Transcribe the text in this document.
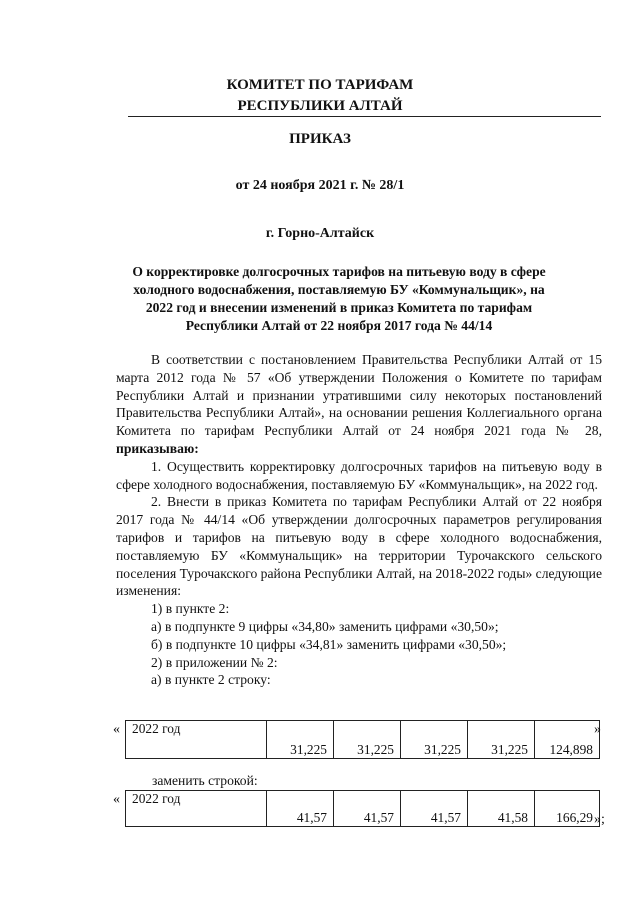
КОМИТЕТ ПО ТАРИФАМ
РЕСПУБЛИКИ АЛТАЙ
ПРИКАЗ
от 24 ноября 2021 г. № 28/1
г. Горно-Алтайск
О корректировке долгосрочных тарифов на питьевую воду в сфере
холодного водоснабжения, поставляемую БУ «Коммунальщик», на
2022 год и внесении изменений в приказ Комитета по тарифам
Республики Алтай от 22 ноября 2017 года № 44/14

В соответствии с постановлением Правительства Республики Алтай от 15 марта 2012 года № 57 «Об утверждении Положения о Комитете по тарифам Республики Алтай и признании утратившими силу некоторых постановлений Правительства Республики Алтай», на основании решения Коллегиального органа Комитета по тарифам Республики Алтай от 24 ноября 2021 года № 28, приказываю:

1. Осуществить корректировку долгосрочных тарифов на питьевую воду в сфере холодного водоснабжения, поставляемую БУ «Коммунальщик», на 2022 год.

2. Внести в приказ Комитета по тарифам Республики Алтай от 22 ноября 2017 года № 44/14 «Об утверждении долгосрочных параметров регулирования тарифов и тарифов на питьевую воду в сфере холодного водоснабжения, поставляемую БУ «Коммунальщик» на территории Турочакского сельского поселения Турочакского района Республики Алтай, на 2018-2022 годы» следующие изменения:

1) в пункте 2:

а) в подпункте 9 цифры «34,80» заменить цифрами «30,50»;

б) в подпункте 10 цифры «34,81» заменить цифрами «30,50»;

2) в приложении № 2:

а) в пункте 2 строку:

« 2022 год	31,225	31,225	31,225	31,225	124,898
»
заменить строкой:
« 2022 год	41,57	41,57	41,57	41,58	166,29 »;
